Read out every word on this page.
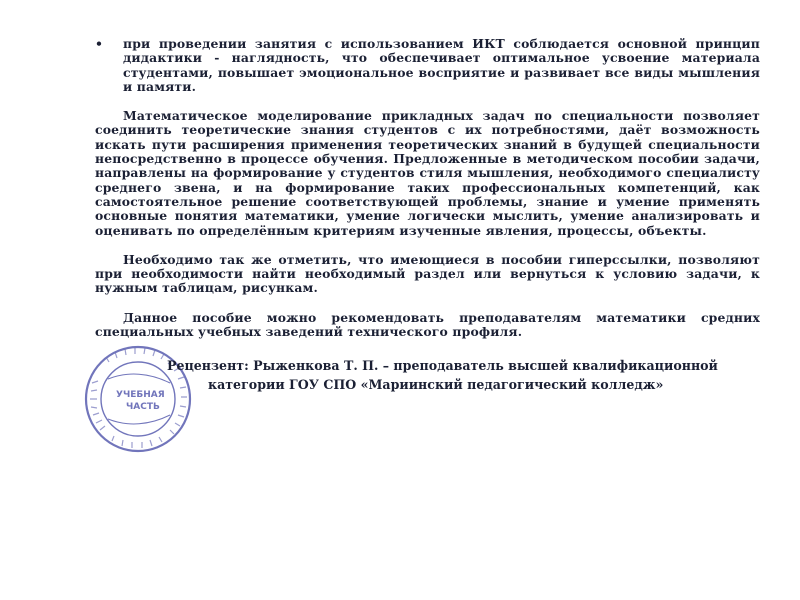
• при проведении занятия с использованием ИКТ соблюдается основной принцип дидактики - наглядность, что обеспечивает оптимальное усвоение материала студентами, повышает эмоциональное восприятие и развивает все виды мышления и памяти.

Математическое моделирование прикладных задач по специальности позволяет соединить теоретические знания студентов с их потребностями, даёт возможность искать пути расширения применения теоретических знаний в будущей специальности непосредственно в процессе обучения. Предложенные в методическом пособии задачи, направлены на формирование у студентов стиля мышления, необходимого специалисту среднего звена, и на формирование таких профессиональных компетенций, как самостоятельное решение соответствующей проблемы, знание и умение применять основные понятия математики, умение логически мыслить, умение анализировать и оценивать по определённым критериям изученные явления, процессы, объекты.

Необходимо так же отметить, что имеющиеся в пособии гиперссылки, позволяют при необходимости найти необходимый раздел или вернуться к условию задачи, к нужным таблицам, рисункам.

Данное пособие можно рекомендовать преподавателям математики средних специальных учебных заведений технического профиля.

УЧЕБНАЯ
ЧАСТЬ
Рецензент: Рыженкова Т. П. – преподаватель высшей квалификационной
категории ГОУ СПО «Мариинский педагогический колледж»
